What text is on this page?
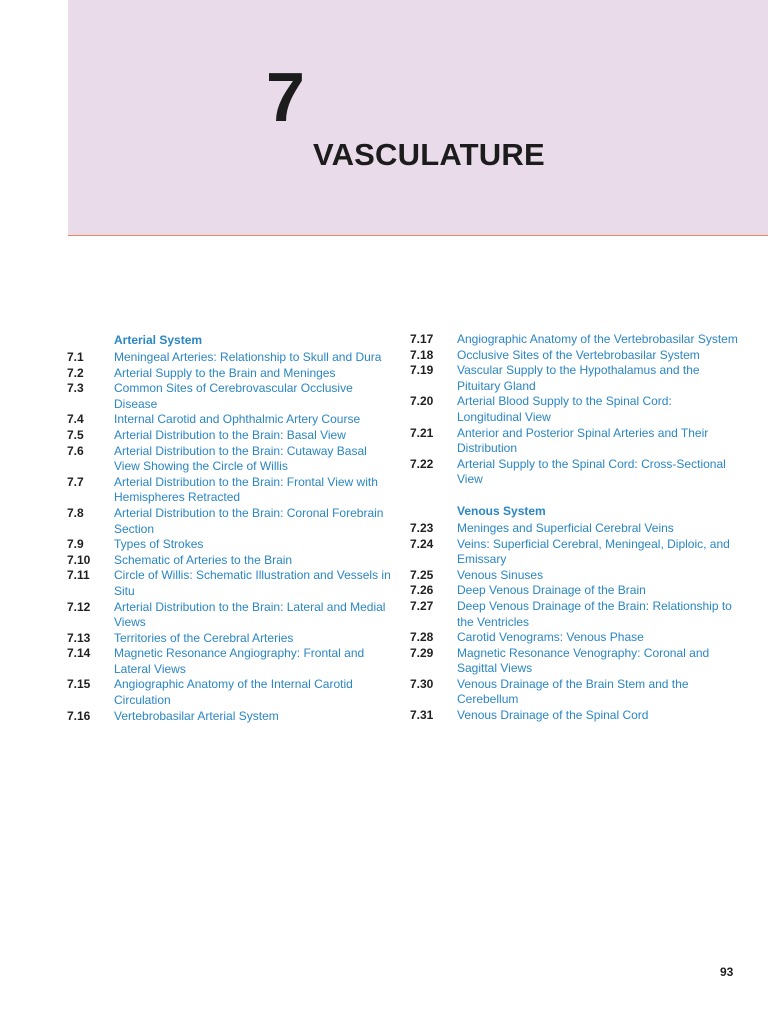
7
VASCULATURE
Arterial System
7.1	Meningeal Arteries: Relationship to Skull and Dura
7.2	Arterial Supply to the Brain and Meninges
7.3	Common Sites of Cerebrovascular Occlusive Disease
7.4	Internal Carotid and Ophthalmic Artery Course
7.5	Arterial Distribution to the Brain: Basal View
7.6	Arterial Distribution to the Brain: Cutaway Basal View Showing the Circle of Willis
7.7	Arterial Distribution to the Brain: Frontal View with Hemispheres Retracted
7.8	Arterial Distribution to the Brain: Coronal Forebrain Section
7.9	Types of Strokes
7.10	Schematic of Arteries to the Brain
7.11	Circle of Willis: Schematic Illustration and Vessels in Situ
7.12	Arterial Distribution to the Brain: Lateral and Medial Views
7.13	Territories of the Cerebral Arteries
7.14	Magnetic Resonance Angiography: Frontal and Lateral Views
7.15	Angiographic Anatomy of the Internal Carotid Circulation
7.16	Vertebrobasilar Arterial System
7.17	Angiographic Anatomy of the Vertebrobasilar System
7.18	Occlusive Sites of the Vertebrobasilar System
7.19	Vascular Supply to the Hypothalamus and the Pituitary Gland
7.20	Arterial Blood Supply to the Spinal Cord: Longitudinal View
7.21	Anterior and Posterior Spinal Arteries and Their Distribution
7.22	Arterial Supply to the Spinal Cord: Cross-Sectional View
Venous System
7.23	Meninges and Superficial Cerebral Veins
7.24	Veins: Superficial Cerebral, Meningeal, Diploic, and Emissary
7.25	Venous Sinuses
7.26	Deep Venous Drainage of the Brain
7.27	Deep Venous Drainage of the Brain: Relationship to the Ventricles
7.28	Carotid Venograms: Venous Phase
7.29	Magnetic Resonance Venography: Coronal and Sagittal Views
7.30	Venous Drainage of the Brain Stem and the Cerebellum
7.31	Venous Drainage of the Spinal Cord
93
